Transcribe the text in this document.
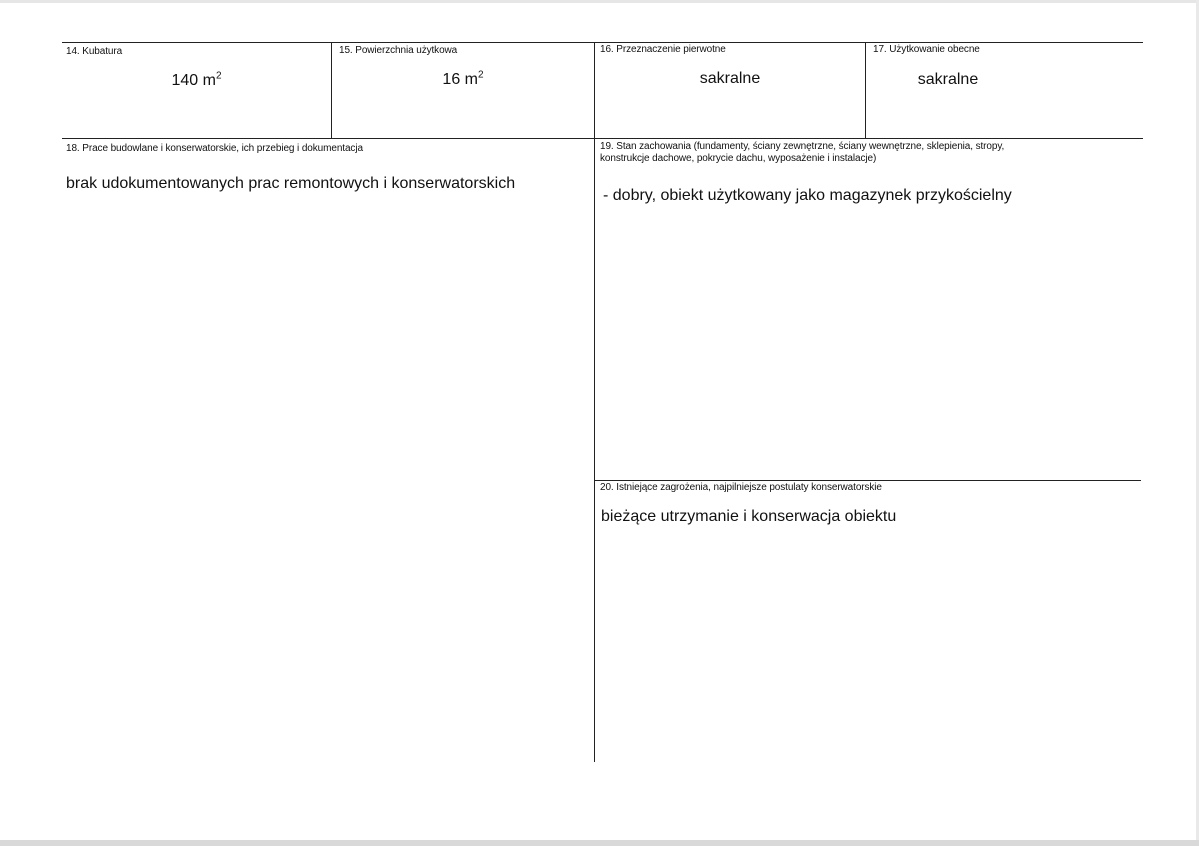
14. Kubatura
140 $m^2$
15. Powierzchnia użytkowa
16 $m^2$
16. Przeznaczenie pierwotne
sakralne
17. Użytkowanie obecne
sakralne
18. Prace budowlane i konserwatorskie, ich przebieg i dokumentacja
brak udokumentowanych prac remontowych i konserwatorskich
19. Stan zachowania (fundamenty, ściany zewnętrzne, ściany wewnętrzne, sklepienia, stropy,
konstrukcje dachowe, pokrycie dachu, wyposażenie i instalacje)
- dobry, obiekt użytkowany jako magazynek przykościelny
20. Istniejące zagrożenia, najpilniejsze postulaty konserwatorskie
bieżące utrzymanie i konserwacja obiektu
